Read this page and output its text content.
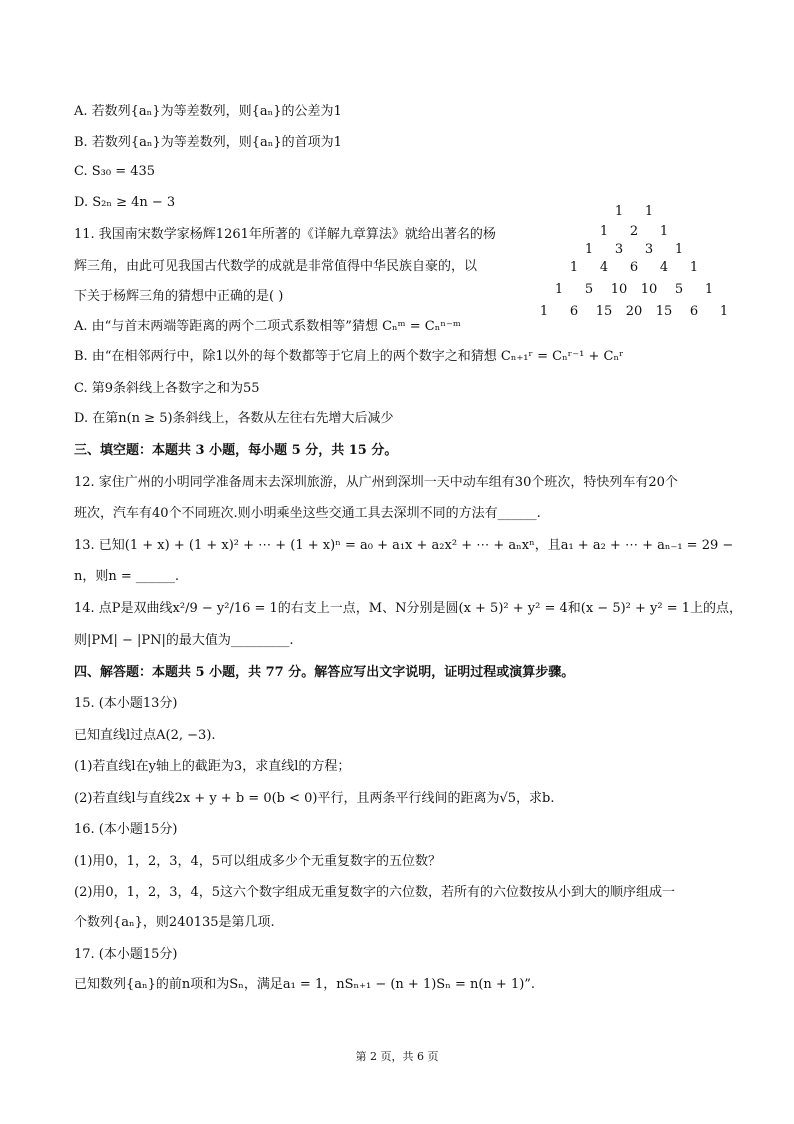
A. 若数列{aₙ}为等差数列，则{aₙ}的公差为1
B. 若数列{aₙ}为等差数列，则{aₙ}的首项为1
C. S₃₀ = 435
D. S₂ₙ ≥ 4n − 3
11. 我国南宋数学家杨辉1261年所著的《详解九章算法》就给出著名的杨
辉三角，由此可见我国古代数学的成就是非常值得中华民族自豪的，以
下关于杨辉三角的猜想中正确的是( )
A. 由“与首末两端等距离的两个二项式系数相等”猜想 Cₙᵐ = Cₙⁿ⁻ᵐ
B. 由“在相邻两行中，除1以外的每个数都等于它肩上的两个数字之和猜想 Cₙ₊₁ʳ = Cₙʳ⁻¹ + Cₙʳ
C. 第9条斜线上各数字之和为55
D. 在第n(n ≥ 5)条斜线上，各数从左往右先增大后减少
三、填空题：本题共 3 小题，每小题 5 分，共 15 分。
12. 家住广州的小明同学准备周末去深圳旅游，从广州到深圳一天中动车组有30个班次，特快列车有20个
班次，汽车有40个不同班次.则小明乘坐这些交通工具去深圳不同的方法有______.
13. 已知(1 + x) + (1 + x)² + ⋯ + (1 + x)ⁿ = a₀ + a₁x + a₂x² + ⋯ + aₙxⁿ，且a₁ + a₂ + ⋯ + aₙ₋₁ = 29 −
n，则n = ______.
14. 点P是双曲线x²/9 − y²/16 = 1的右支上一点，M、N分别是圆(x + 5)² + y² = 4和(x − 5)² + y² = 1上的点，
则|PM| − |PN|的最大值为_________.
四、解答题：本题共 5 小题，共 77 分。解答应写出文字说明，证明过程或演算步骤。
15. (本小题13分)
已知直线l过点A(2, −3).
(1)若直线l在y轴上的截距为3，求直线l的方程；
(2)若直线l与直线2x + y + b = 0(b < 0)平行，且两条平行线间的距离为√5，求b.
16. (本小题15分)
(1)用0，1，2，3，4，5可以组成多少个无重复数字的五位数？
(2)用0，1，2，3，4，5这六个数字组成无重复数字的六位数，若所有的六位数按从小到大的顺序组成一
个数列{aₙ}，则240135是第几项.
17. (本小题15分)
已知数列{aₙ}的前n项和为Sₙ，满足a₁ = 1，nSₙ₊₁ − (n + 1)Sₙ = n(n + 1)”.
1 1
1 2 1
1 3 3 1
1 4 6 4 1
1 5 10 10 5 1
1 6 15 20 15 6 1
第 2 页，共 6 页
